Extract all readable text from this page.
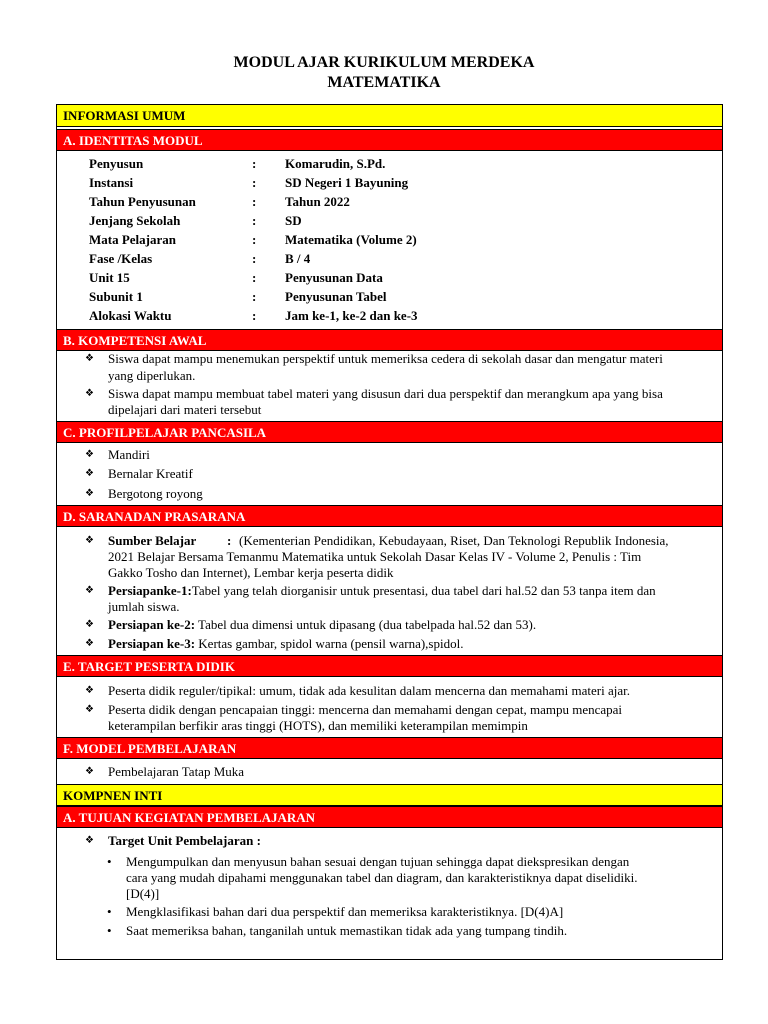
MODUL AJAR KURIKULUM MERDEKA
MATEMATIKA
INFORMASI UMUM
A. IDENTITAS MODUL
Penyusun	: Komarudin, S.Pd.
Instansi	: SD Negeri 1 Bayuning
Tahun Penyusunan	: Tahun 2022
Jenjang Sekolah	: SD
Mata Pelajaran	: Matematika (Volume 2)
Fase /Kelas	: B / 4
Unit 15	: Penyusunan Data
Subunit 1	: Penyusunan Tabel
Alokasi Waktu	: Jam ke-1, ke-2 dan ke-3
B. KOMPETENSI AWAL
❖ Siswa dapat mampu menemukan perspektif untuk memeriksa cedera di sekolah dasar dan mengatur materi
yang diperlukan.
❖ Siswa dapat mampu membuat tabel materi yang disusun dari dua perspektif dan merangkum apa yang bisa
dipelajari dari materi tersebut
C. PROFILPELAJAR PANCASILA
❖ Mandiri
❖ Bernalar Kreatif
❖ Bergotong royong
D. SARANADAN PRASARANA
❖ Sumber Belajar : (Kementerian Pendidikan, Kebudayaan, Riset, Dan Teknologi Republik Indonesia,
2021 Belajar Bersama Temanmu Matematika untuk Sekolah Dasar Kelas IV - Volume 2, Penulis : Tim
Gakko Tosho dan Internet), Lembar kerja peserta didik
❖ Persiapanke-1:Tabel yang telah diorganisir untuk presentasi, dua tabel dari hal.52 dan 53 tanpa item dan
jumlah siswa.
❖ Persiapan ke-2: Tabel dua dimensi untuk dipasang (dua tabelpada hal.52 dan 53).
❖ Persiapan ke-3: Kertas gambar, spidol warna (pensil warna),spidol.
E. TARGET PESERTA DIDIK
❖ Peserta didik reguler/tipikal: umum, tidak ada kesulitan dalam mencerna dan memahami materi ajar.
❖ Peserta didik dengan pencapaian tinggi: mencerna dan memahami dengan cepat, mampu mencapai
keterampilan berfikir aras tinggi (HOTS), dan memiliki keterampilan memimpin
F. MODEL PEMBELAJARAN
❖ Pembelajaran Tatap Muka
KOMPNEN INTI
A. TUJUAN KEGIATAN PEMBELAJARAN
❖ Target Unit Pembelajaran :
• Mengumpulkan dan menyusun bahan sesuai dengan tujuan sehingga dapat diekspresikan dengan
cara yang mudah dipahami menggunakan tabel dan diagram, dan karakteristiknya dapat diselidiki.
[D(4)]
• Mengklasifikasi bahan dari dua perspektif dan memeriksa karakteristiknya. [D(4)A]
• Saat memeriksa bahan, tanganilah untuk memastikan tidak ada yang tumpang tindih.
